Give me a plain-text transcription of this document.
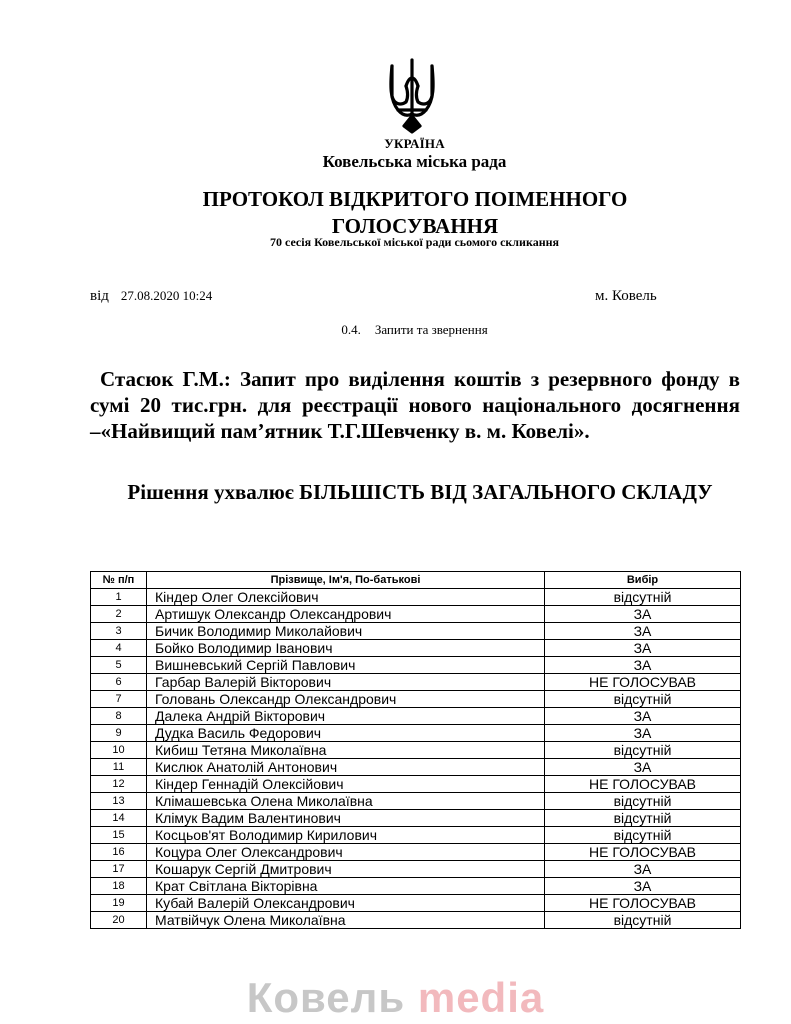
УКРАЇНА
Ковельська міська рада
ПРОТОКОЛ ВІДКРИТОГО ПОІМЕННОГО ГОЛОСУВАННЯ
70 сесія Ковельської міської ради сьомого скликання
від 27.08.2020 10:24	м. Ковель
0.4. Запити та звернення
Стасюк Г.М.: Запит про виділення коштів з резервного фонду в сумі 20 тис.грн. для реєстрації нового національного досягнення –«Найвищий пам’ятник Т.Г.Шевченку в. м. Ковелі».
Рішення ухвалює БІЛЬШІСТЬ ВІД ЗАГАЛЬНОГО СКЛАДУ
№ п/п	Прізвище, Ім'я, По-батькові	Вибір
1	Кіндер Олег Олексійович	відсутній
2	Артишук Олександр Олександрович	ЗА
3	Бичик Володимир Миколайович	ЗА
4	Бойко Володимир Іванович	ЗА
5	Вишневський Сергій Павлович	ЗА
6	Гарбар Валерій Вікторович	НЕ ГОЛОСУВАВ
7	Головань Олександр Олександрович	відсутній
8	Далека Андрій Вікторович	ЗА
9	Дудка Василь Федорович	ЗА
10	Кибиш Тетяна Миколаївна	відсутній
11	Кислюк Анатолій Антонович	ЗА
12	Кіндер Геннадій Олексійович	НЕ ГОЛОСУВАВ
13	Клімашевська Олена Миколаївна	відсутній
14	Клімук Вадим Валентинович	відсутній
15	Косцьов'ят Володимир Кирилович	відсутній
16	Коцура Олег Олександрович	НЕ ГОЛОСУВАВ
17	Кошарук Сергій Дмитрович	ЗА
18	Крат Світлана Вікторівна	ЗА
19	Кубай Валерій Олександрович	НЕ ГОЛОСУВАВ
20	Матвійчук Олена Миколаївна	відсутній
Ковель media
